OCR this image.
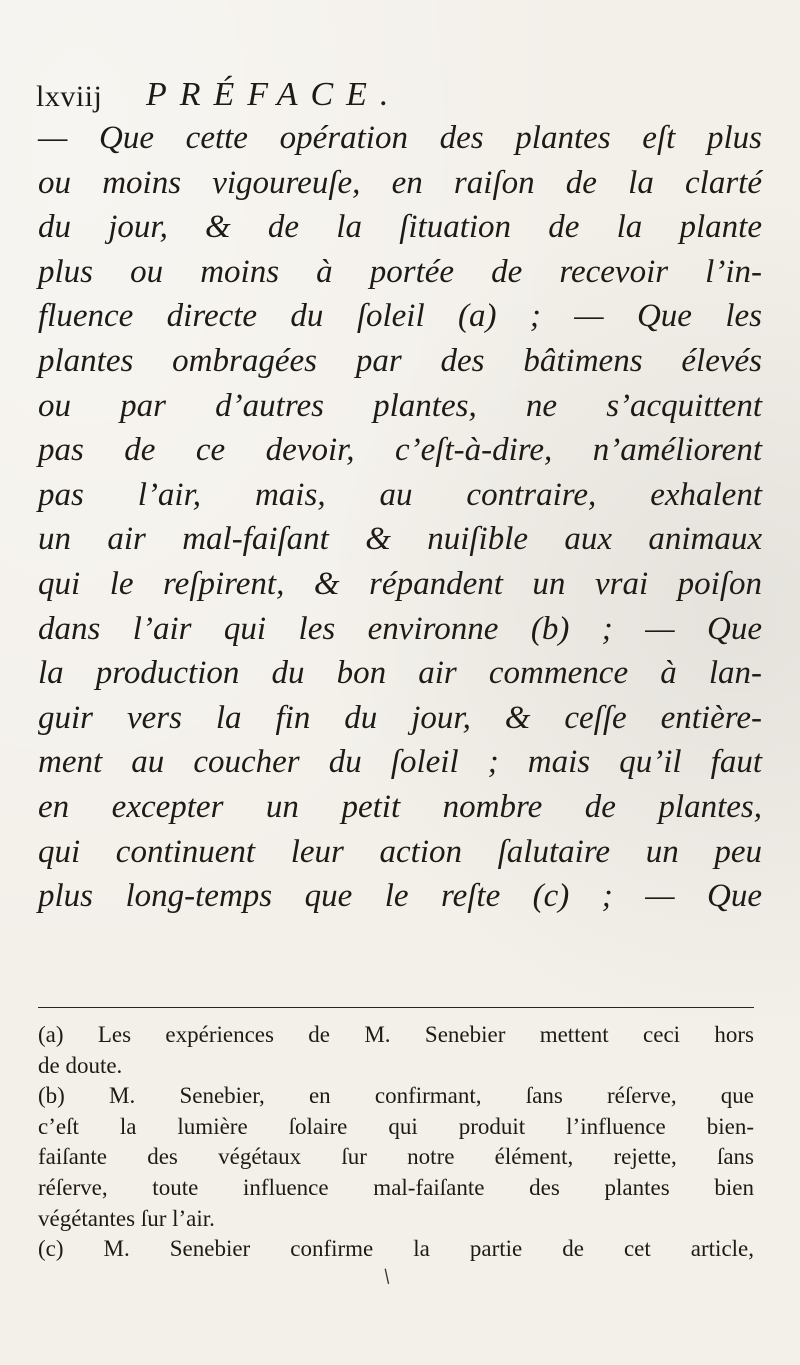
lxviij PRÉFACE.
— Que cette opération des plantes eſt plus
ou moins vigoureuſe, en raiſon de la clarté
du jour, & de la ſituation de la plante
plus ou moins à portée de recevoir l’in-
fluence directe du ſoleil (a) ; — Que les
plantes ombragées par des bâtimens élevés
ou par d’autres plantes, ne s’acquittent
pas de ce devoir, c’eſt-à-dire, n’améliorent
pas l’air, mais, au contraire, exhalent
un air mal-faiſant & nuiſible aux animaux
qui le reſpirent, & répandent un vrai poiſon
dans l’air qui les environne (b) ; — Que
la production du bon air commence à lan-
guir vers la fin du jour, & ceſſe entière-
ment au coucher du ſoleil ; mais qu’il faut
en excepter un petit nombre de plantes,
qui continuent leur action ſalutaire un peu
plus long-temps que le reſte (c) ; — Que
(a) Les expériences de M. Senebier mettent ceci hors
de doute.
(b) M. Senebier, en confirmant, ſans réſerve, que
c’eſt la lumière ſolaire qui produit l’influence bien-
faiſante des végétaux ſur notre élément, rejette, ſans
réſerve, toute influence mal-faiſante des plantes bien
végétantes ſur l’air.
(c) M. Senebier confirme la partie de cet article,
/
